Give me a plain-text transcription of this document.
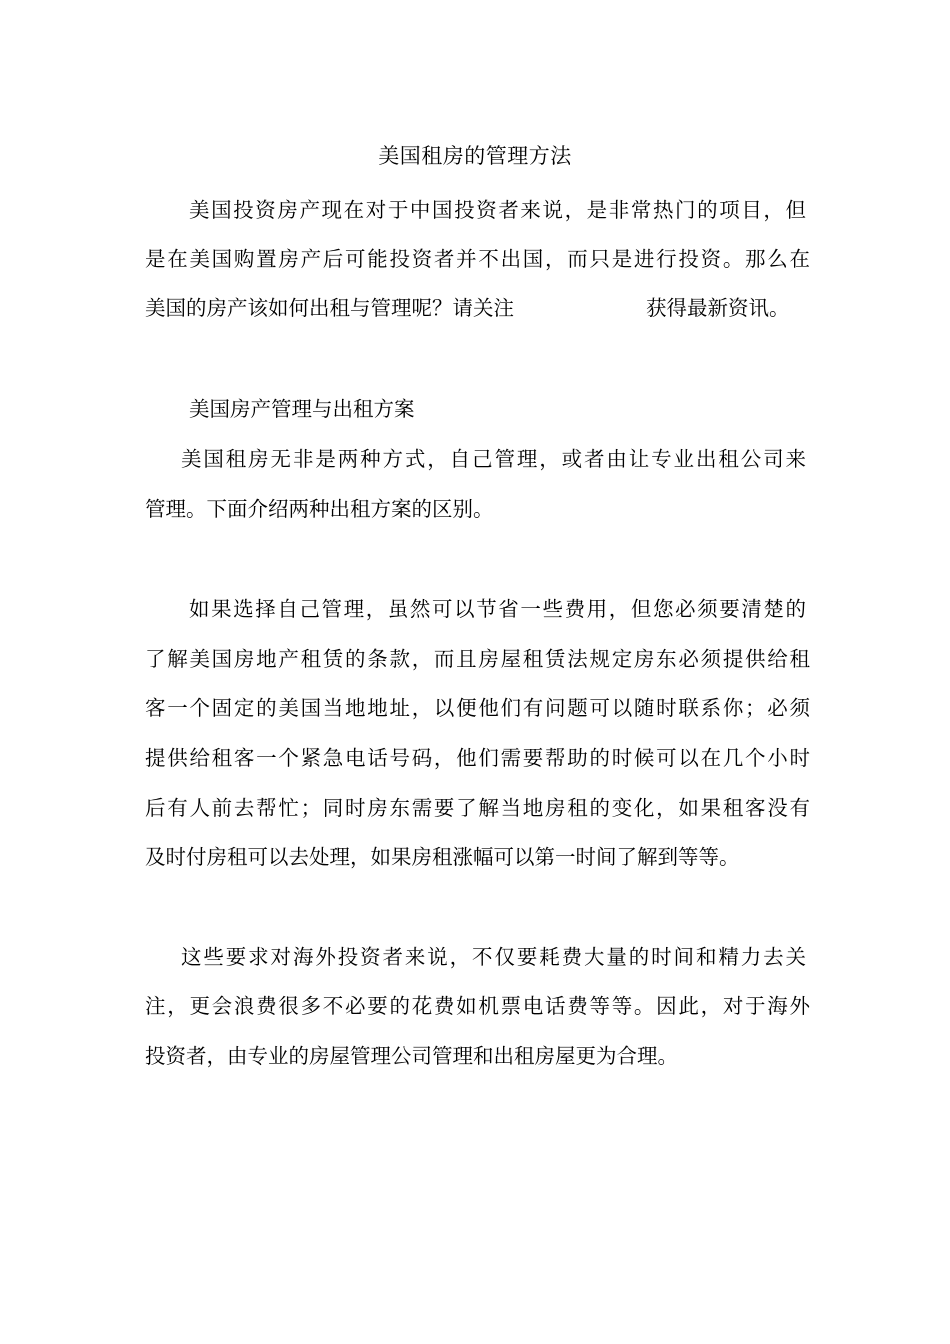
美国租房的管理方法
美国投资房产现在对于中国投资者来说，是非常热门的项目，但
是在美国购置房产后可能投资者并不出国，而只是进行投资。那么在
美国的房产该如何出租与管理呢？请关注	获得最新资讯。
美国房产管理与出租方案
美国租房无非是两种方式，自己管理，或者由让专业出租公司来
管理。下面介绍两种出租方案的区别。
如果选择自己管理，虽然可以节省一些费用，但您必须要清楚的
了解美国房地产租赁的条款，而且房屋租赁法规定房东必须提供给租
客一个固定的美国当地地址，以便他们有问题可以随时联系你；必须
提供给租客一个紧急电话号码，他们需要帮助的时候可以在几个小时
后有人前去帮忙；同时房东需要了解当地房租的变化，如果租客没有
及时付房租可以去处理，如果房租涨幅可以第一时间了解到等等。
这些要求对海外投资者来说，不仅要耗费大量的时间和精力去关
注，更会浪费很多不必要的花费如机票电话费等等。因此，对于海外
投资者，由专业的房屋管理公司管理和出租房屋更为合理。
